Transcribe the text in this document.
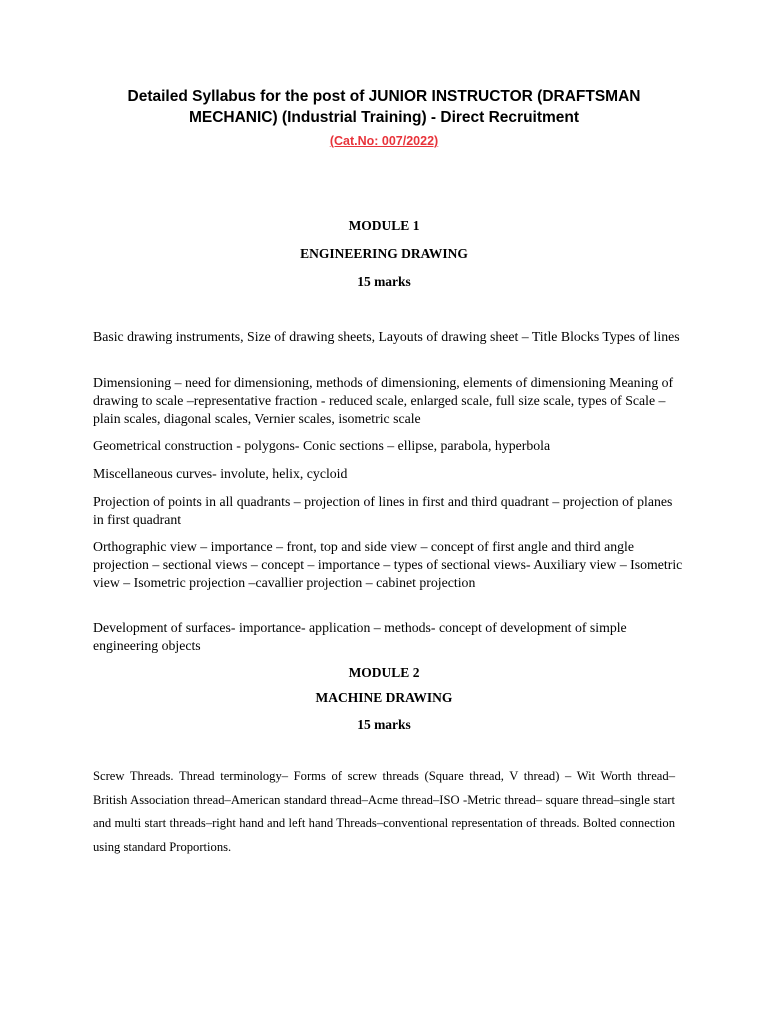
Detailed Syllabus for the post of JUNIOR INSTRUCTOR (DRAFTSMAN
MECHANIC) (Industrial Training) - Direct Recruitment

(Cat.No: 007/2022)

MODULE 1

ENGINEERING DRAWING

15 marks

Basic drawing instruments, Size of drawing sheets, Layouts of drawing sheet – Title Blocks Types of lines

Dimensioning – need for dimensioning, methods of dimensioning, elements of dimensioning Meaning of drawing to scale –representative fraction - reduced scale, enlarged scale, full size scale, types of Scale –plain scales, diagonal scales, Vernier scales, isometric scale

Geometrical construction - polygons- Conic sections – ellipse, parabola, hyperbola

Miscellaneous curves- involute, helix, cycloid

Projection of points in all quadrants – projection of lines in first and third quadrant – projection of planes in first quadrant

Orthographic view – importance – front, top and side view – concept of first angle and third angle projection – sectional views – concept – importance – types of sectional views- Auxiliary view – Isometric view – Isometric projection –cavallier projection – cabinet projection

Development of surfaces- importance- application – methods- concept of development of simple engineering objects

MODULE 2

MACHINE DRAWING

15 marks

Screw Threads. Thread terminology– Forms of screw threads (Square thread, V thread) – Wit Worth thread– British Association thread–American standard thread–Acme thread–ISO -Metric thread– square thread–single start and multi start threads–right hand and left hand Threads–conventional representation of threads. Bolted connection using standard Proportions.
